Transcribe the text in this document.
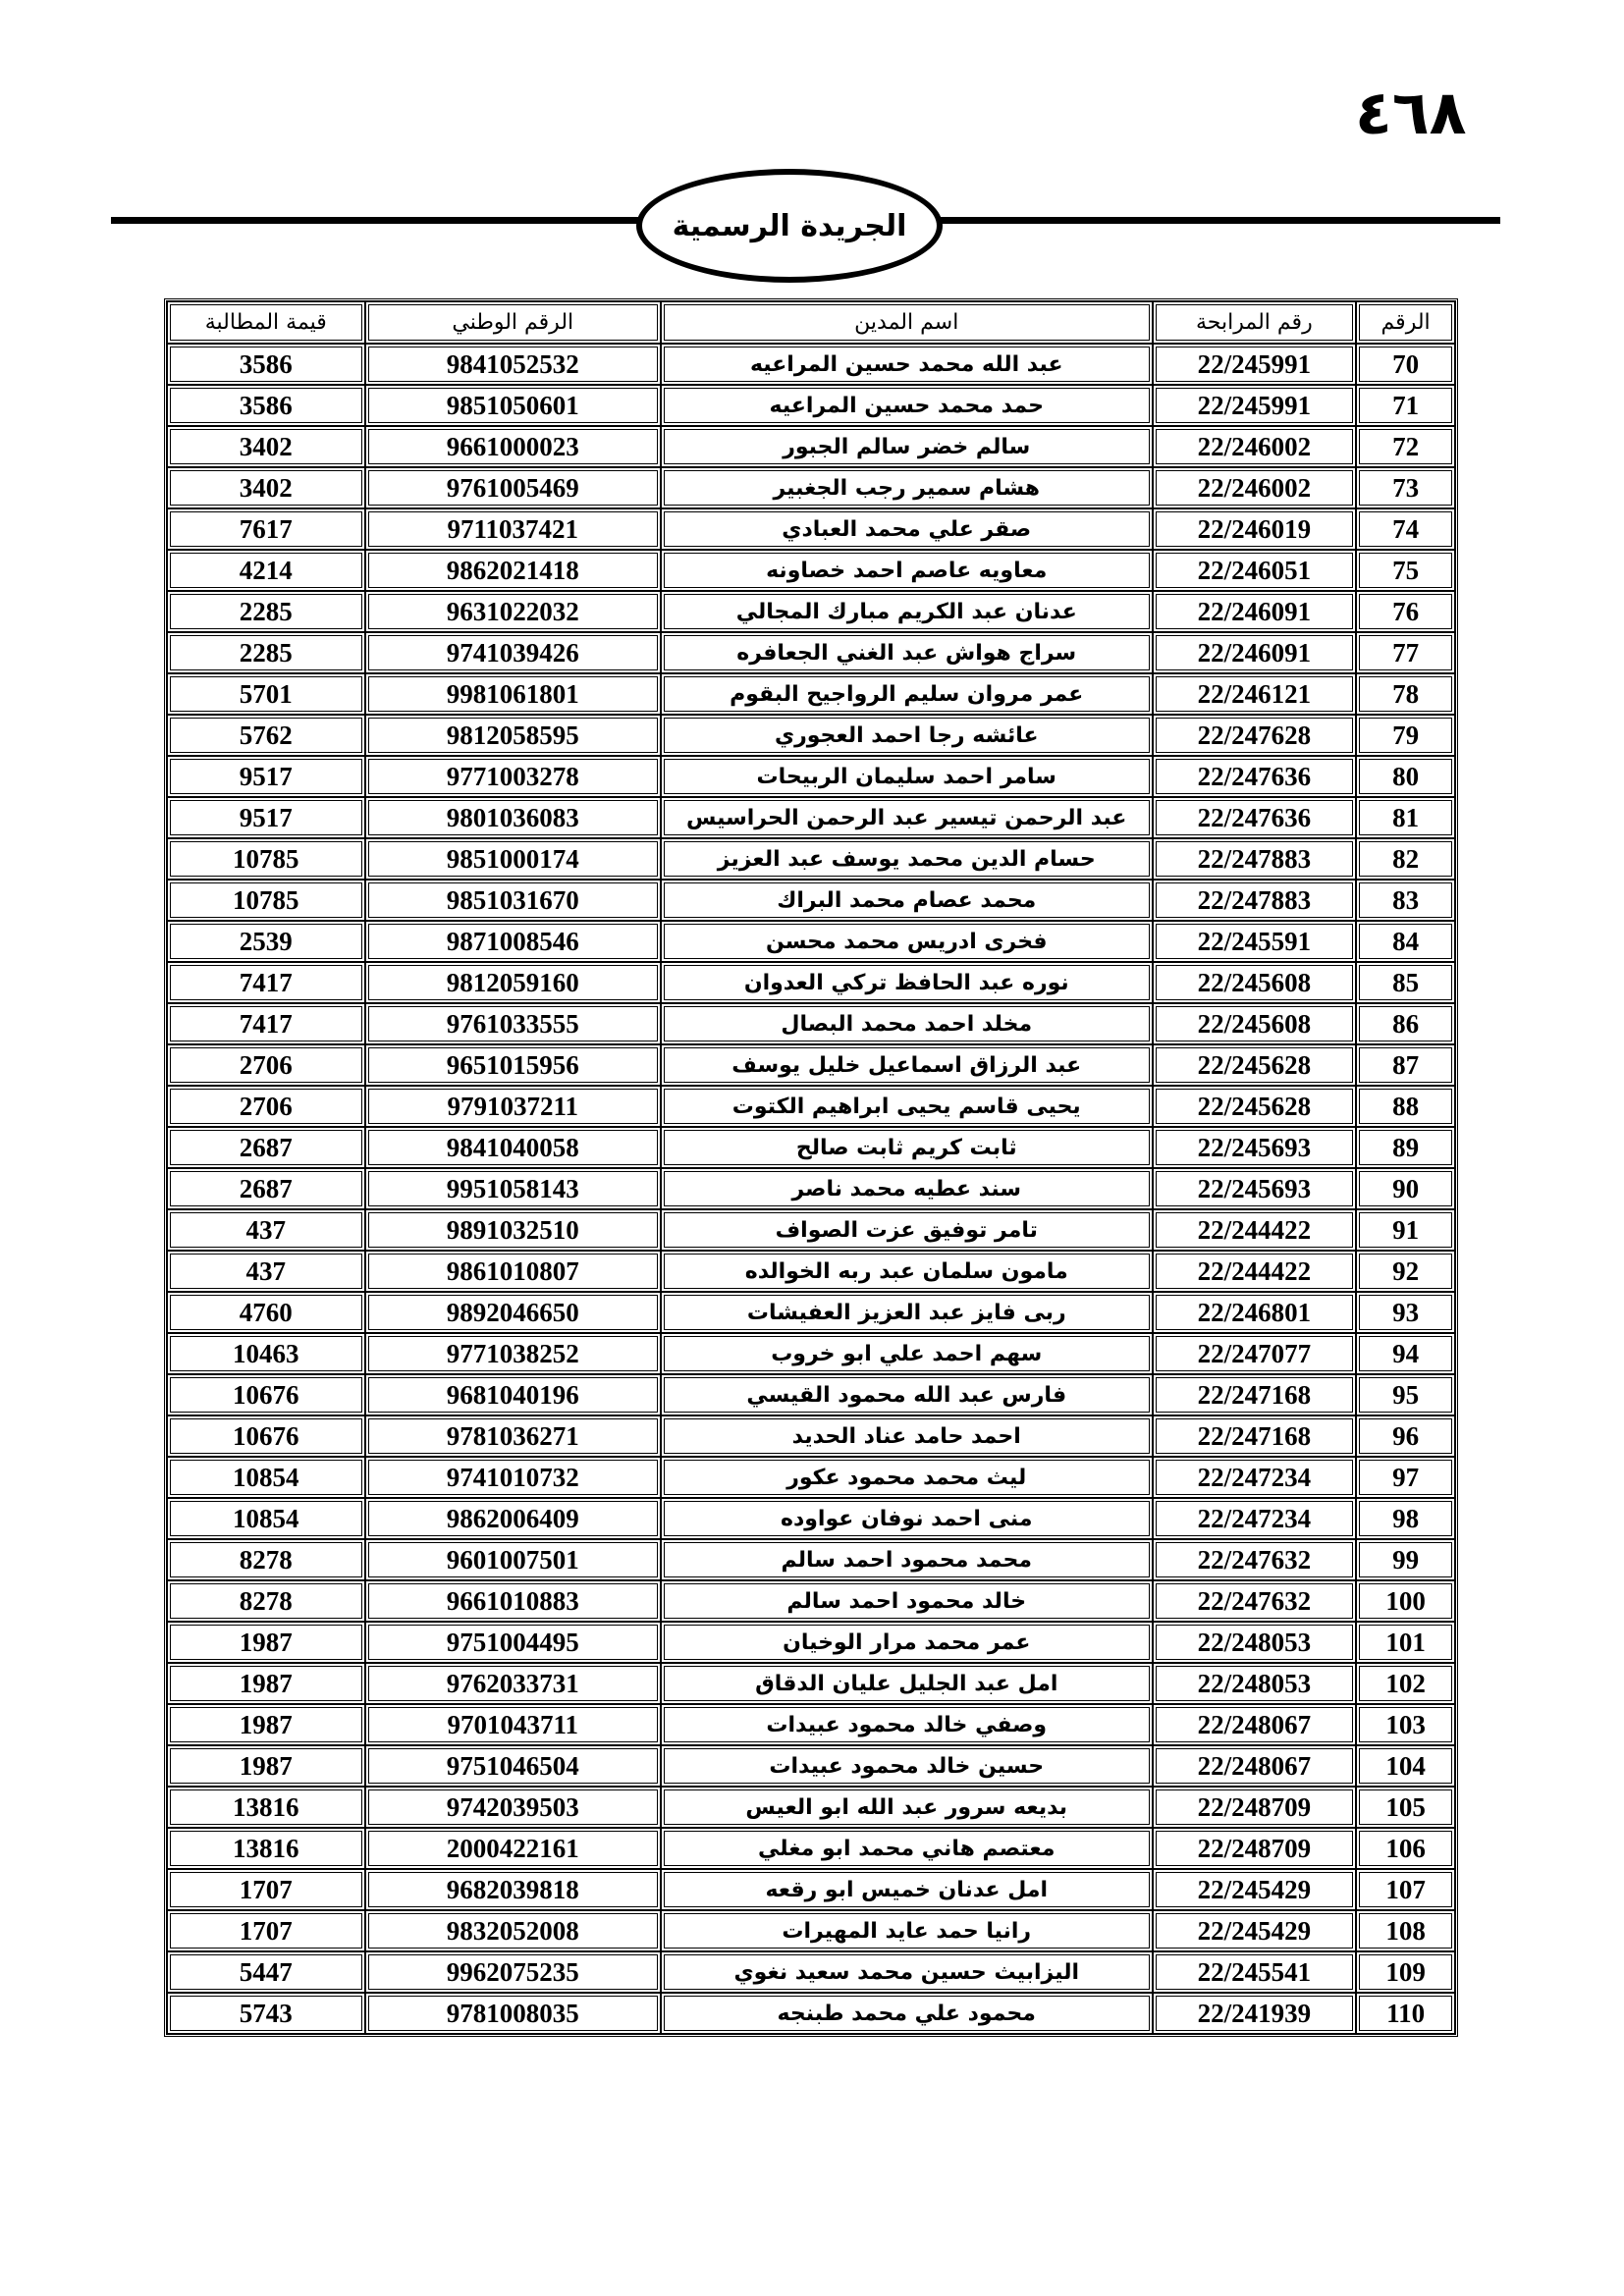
٤٦٨
الجريدة الرسمية
الرقم	رقم المرابحة	اسم المدين	الرقم الوطني	قيمة المطالبة
70	22/245991	عبد الله محمد حسين المراعيه	9841052532	3586
71	22/245991	حمد محمد حسين المراعيه	9851050601	3586
72	22/246002	سالم خضر سالم الجبور	9661000023	3402
73	22/246002	هشام سمير رجب الجغبير	9761005469	3402
74	22/246019	صقر علي محمد العبادي	9711037421	7617
75	22/246051	معاويه عاصم احمد خصاونه	9862021418	4214
76	22/246091	عدنان عبد الكريم مبارك المجالي	9631022032	2285
77	22/246091	سراج هواش عبد الغني الجعافره	9741039426	2285
78	22/246121	عمر مروان سليم الرواجيح البقوم	9981061801	5701
79	22/247628	عائشه رجا احمد العجوري	9812058595	5762
80	22/247636	سامر احمد سليمان الربيحات	9771003278	9517
81	22/247636	عبد الرحمن تيسير عبد الرحمن الحراسيس	9801036083	9517
82	22/247883	حسام الدين محمد يوسف عبد العزيز	9851000174	10785
83	22/247883	محمد عصام محمد البراك	9851031670	10785
84	22/245591	فخرى ادريس محمد محسن	9871008546	2539
85	22/245608	نوره عبد الحافظ تركي العدوان	9812059160	7417
86	22/245608	مخلد احمد محمد البصال	9761033555	7417
87	22/245628	عبد الرزاق اسماعيل خليل يوسف	9651015956	2706
88	22/245628	يحيى قاسم يحيى ابراهيم الكتوت	9791037211	2706
89	22/245693	ثابت كريم ثابت صالح	9841040058	2687
90	22/245693	سند عطيه محمد ناصر	9951058143	2687
91	22/244422	تامر توفيق عزت الصواف	9891032510	437
92	22/244422	مامون سلمان عبد ربه الخوالده	9861010807	437
93	22/246801	ربى فايز عبد العزيز العفيشات	9892046650	4760
94	22/247077	سهم احمد علي ابو خروب	9771038252	10463
95	22/247168	فارس عبد الله محمود القيسي	9681040196	10676
96	22/247168	احمد حامد عناد الحديد	9781036271	10676
97	22/247234	ليث محمد محمود عكور	9741010732	10854
98	22/247234	منى احمد نوفان عواوده	9862006409	10854
99	22/247632	محمد محمود احمد سالم	9601007501	8278
100	22/247632	خالد محمود احمد سالم	9661010883	8278
101	22/248053	عمر محمد مرار الوخيان	9751004495	1987
102	22/248053	امل عبد الجليل عليان الدقاق	9762033731	1987
103	22/248067	وصفي خالد محمود عبيدات	9701043711	1987
104	22/248067	حسين خالد محمود عبيدات	9751046504	1987
105	22/248709	بديعه سرور عبد الله ابو العيس	9742039503	13816
106	22/248709	معتصم هاني محمد ابو مغلي	2000422161	13816
107	22/245429	امل عدنان خميس ابو رقعه	9682039818	1707
108	22/245429	رانيا حمد عايد المهيرات	9832052008	1707
109	22/245541	اليزابيث حسين محمد سعيد نغوي	9962075235	5447
110	22/241939	محمود علي محمد طبنجه	9781008035	5743
